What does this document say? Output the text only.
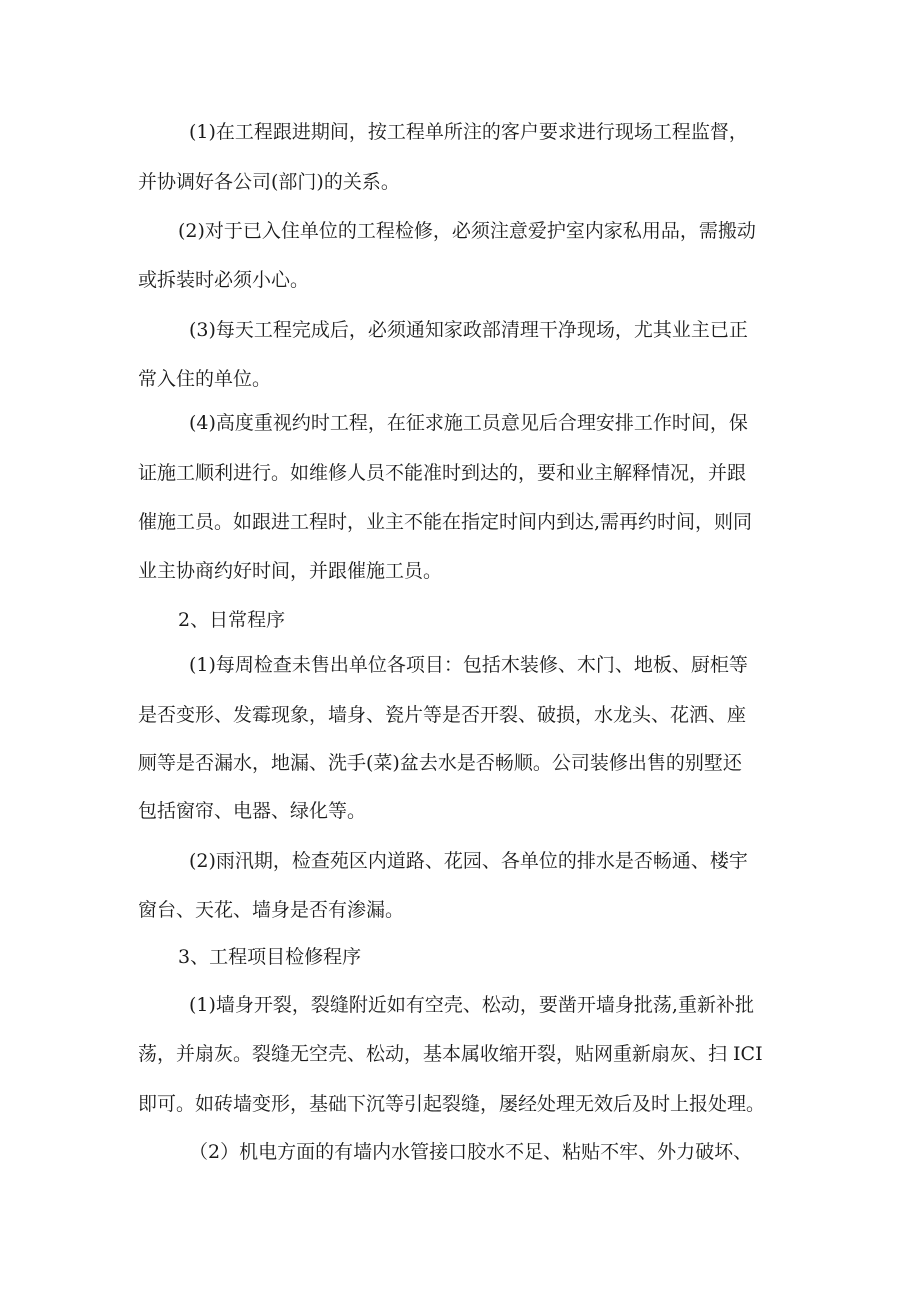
(1)在工程跟进期间，按工程单所注的客户要求进行现场工程监督，
并协调好各公司(部门)的关系。
(2)对于已入住单位的工程检修，必须注意爱护室内家私用品，需搬动
或拆装时必须小心。
(3)每天工程完成后，必须通知家政部清理干净现场，尤其业主已正
常入住的单位。
(4)高度重视约时工程，在征求施工员意见后合理安排工作时间，保
证施工顺利进行。如维修人员不能准时到达的，要和业主解释情况，并跟
催施工员。如跟进工程时，业主不能在指定时间内到达,需再约时间，则同
业主协商约好时间，并跟催施工员。
2、日常程序
(1)每周检查未售出单位各项目：包括木装修、木门、地板、厨柜等
是否变形、发霉现象，墙身、瓷片等是否开裂、破损，水龙头、花洒、座
厕等是否漏水，地漏、洗手(菜)盆去水是否畅顺。公司装修出售的别墅还
包括窗帘、电器、绿化等。
(2)雨汛期，检查苑区内道路、花园、各单位的排水是否畅通、楼宇
窗台、天花、墙身是否有渗漏。
3、工程项目检修程序
(1)墙身开裂，裂缝附近如有空壳、松动，要凿开墙身批荡,重新补批
荡，并扇灰。裂缝无空壳、松动，基本属收缩开裂，贴网重新扇灰、扫 ICI
即可。如砖墙变形，基础下沉等引起裂缝，屡经处理无效后及时上报处理。
（2）机电方面的有墙内水管接口胶水不足、粘贴不牢、外力破坏、
